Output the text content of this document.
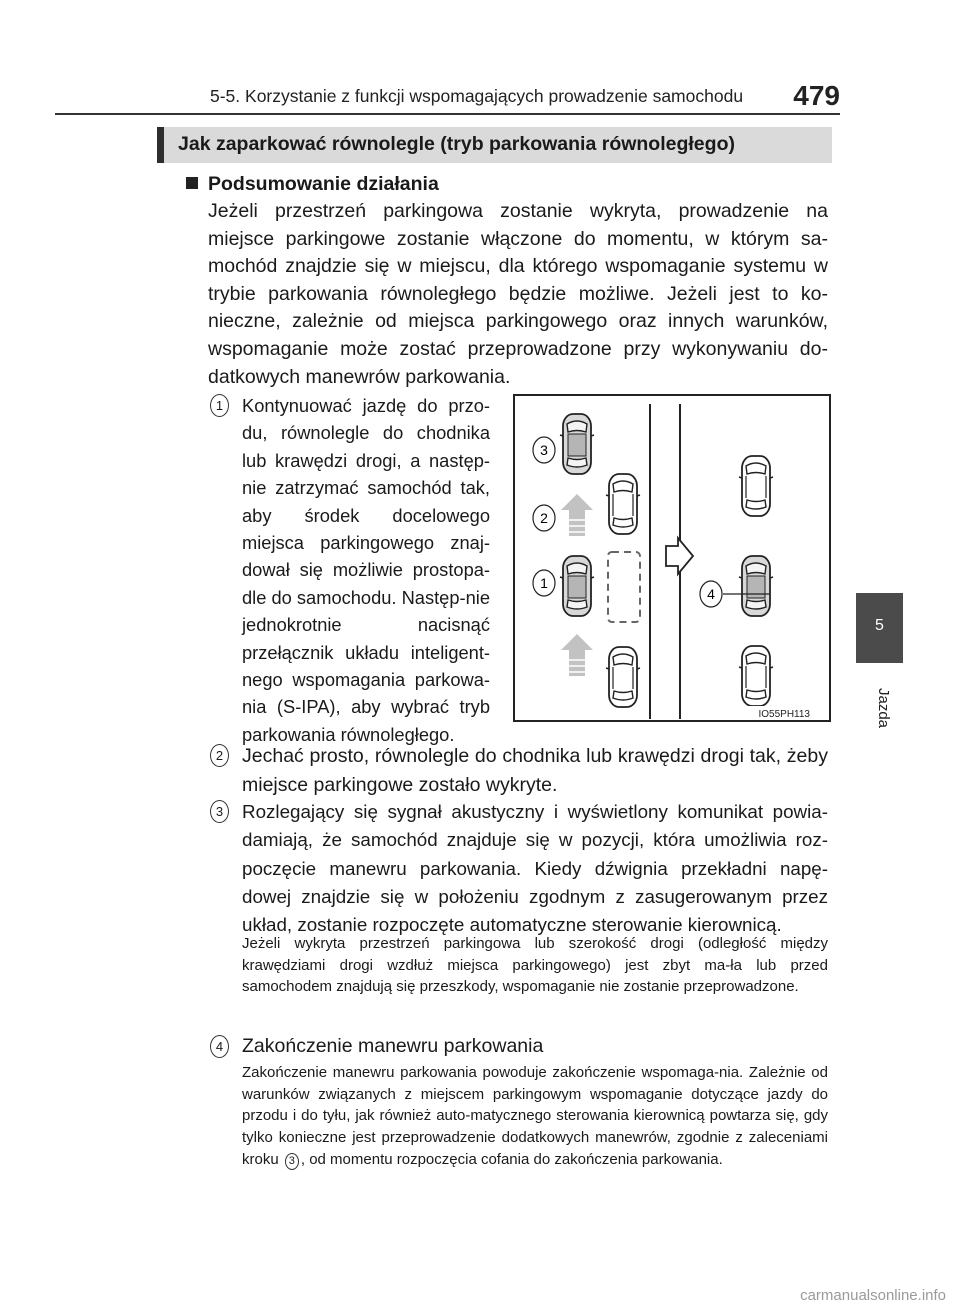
5-5. Korzystanie z funkcji wspomagających prowadzenie samochodu 479
Jak zaparkować równolegle (tryb parkowania równoległego)
5
Jazda
Podsumowanie działania

Jeżeli przestrzeń parkingowa zostanie wykryta, prowadzenie na miejsce parkingowe zostanie włączone do momentu, w którym sa-mochód znajdzie się w miejscu, dla którego wspomaganie systemu w trybie parkowania równoległego będzie możliwe. Jeżeli jest to ko-nieczne, zależnie od miejsca parkingowego oraz innych warunków, wspomaganie może zostać przeprowadzone przy wykonywaniu do-datkowych manewrów parkowania.

1	Kontynuować jazdę do przo-du, równolegle do chodnika lub krawędzi drogi, a następ-nie zatrzymać samochód tak, aby środek docelowego miejsca parkingowego znaj-dował się możliwie prostopa-dle do samochodu. Następ-nie jednokrotnie nacisnąć przełącznik układu inteligent-nego wspomagania parkowa-nia (S-IPA), aby wybrać tryb parkowania równoległego.

3
2
1
4
IO55PH113
2 Jechać prosto, równolegle do chodnika lub krawędzi drogi tak, żeby miejsce parkingowe zostało wykryte.

3	Rozlegający się sygnał akustyczny i wyświetlony komunikat powia-damiają, że samochód znajduje się w pozycji, która umożliwia roz-poczęcie manewru parkowania. Kiedy dźwignia przekładni napę-dowej znajdzie się w położeniu zgodnym z zasugerowanym przez układ, zostanie rozpoczęte automatyczne sterowanie kierownicą.

Jeżeli wykryta przestrzeń parkingowa lub szerokość drogi (odległość między krawędziami drogi wzdłuż miejsca parkingowego) jest zbyt ma-ła lub przed samochodem znajdują się przeszkody, wspomaganie nie zostanie przeprowadzone.

4 Zakończenie manewru parkowania

Zakończenie manewru parkowania powoduje zakończenie wspomaga-nia. Zależnie od warunków związanych z miejscem parkingowym wspomaganie dotyczące jazdy do przodu i do tyłu, jak również auto-matycznego sterowania kierownicą powtarza się, gdy tylko konieczne jest przeprowadzenie dodatkowych manewrów, zgodnie z zaleceniami kroku 3 , od momentu rozpoczęcia cofania do zakończenia parkowania.

carmanualsonline.info
